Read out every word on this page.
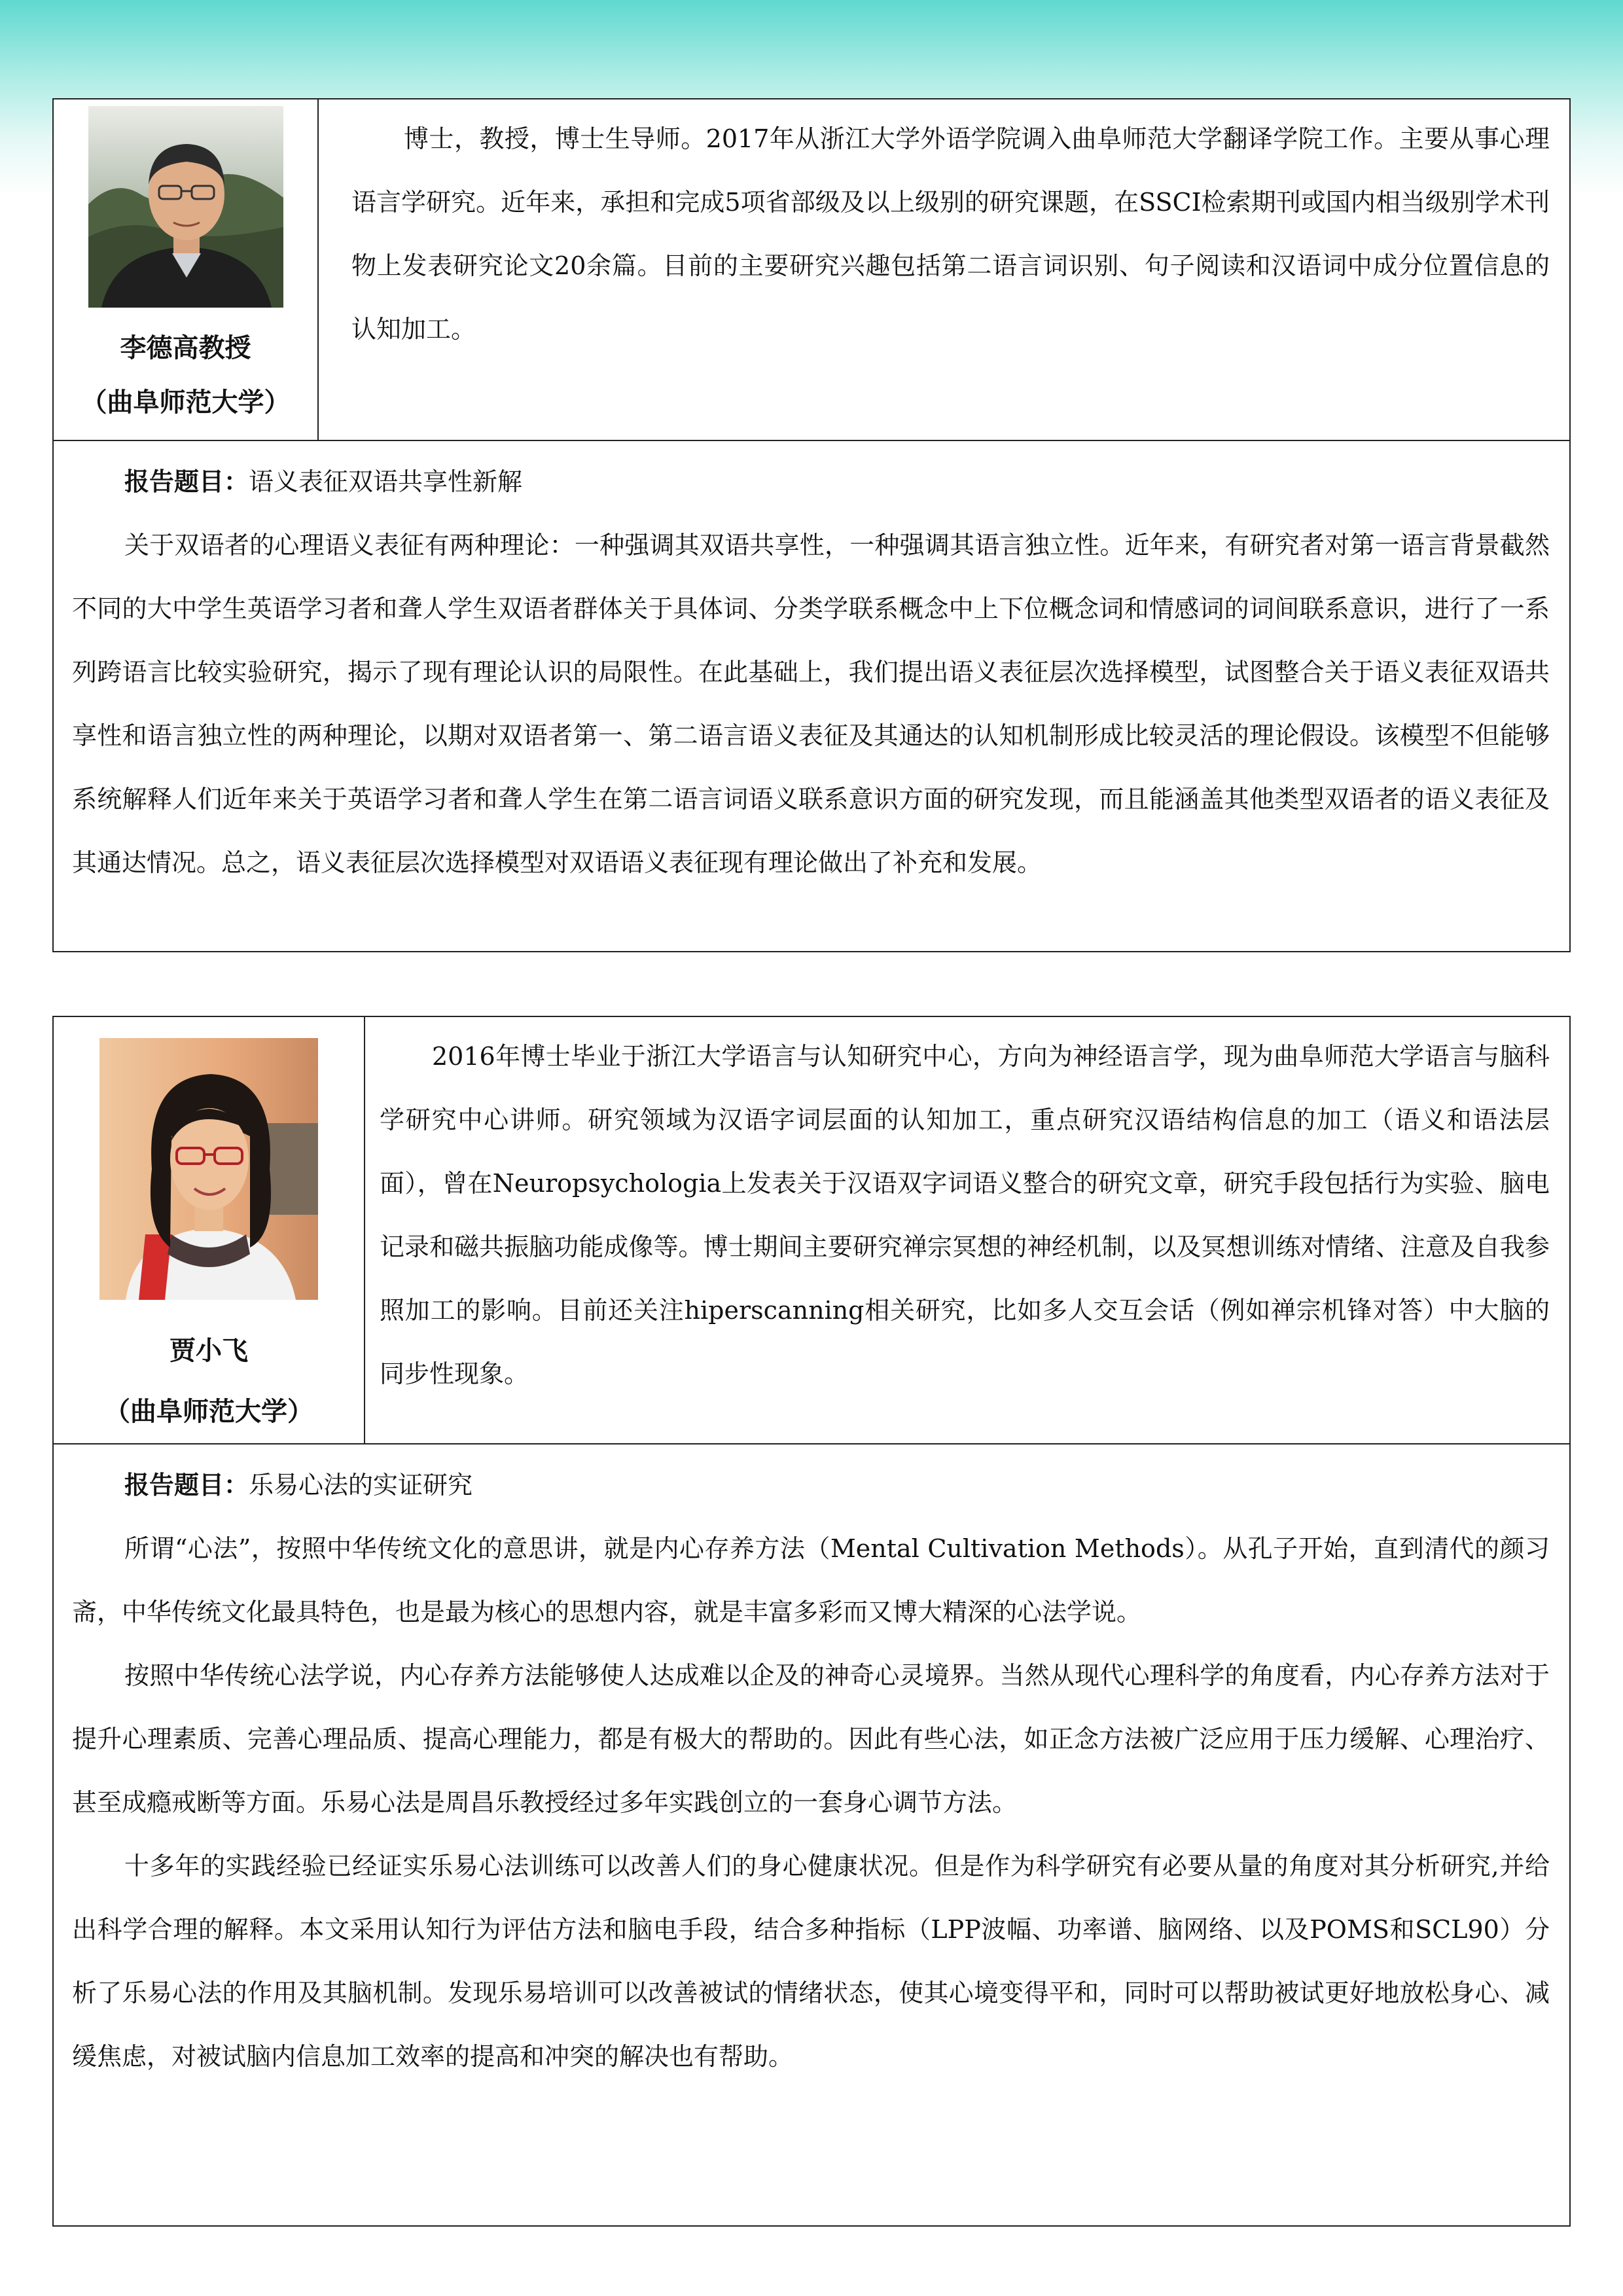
李德高教授
（曲阜师范大学）
博士，教授，博士生导师。2017年从浙江大学外语学院调入曲阜师范大学翻译学院工作。主要从事心理语言学研究。近年来，承担和完成5项省部级及以上级别的研究课题，在SSCI检索期刊或国内相当级别学术刊物上发表研究论文20余篇。目前的主要研究兴趣包括第二语言词识别、句子阅读和汉语词中成分位置信息的认知加工。

报告题目：语义表征双语共享性新解

关于双语者的心理语义表征有两种理论：一种强调其双语共享性，一种强调其语言独立性。近年来，有研究者对第一语言背景截然不同的大中学生英语学习者和聋人学生双语者群体关于具体词、分类学联系概念中上下位概念词和情感词的词间联系意识，进行了一系列跨语言比较实验研究，揭示了现有理论认识的局限性。在此基础上，我们提出语义表征层次选择模型，试图整合关于语义表征双语共享性和语言独立性的两种理论，以期对双语者第一、第二语言语义表征及其通达的认知机制形成比较灵活的理论假设。该模型不但能够系统解释人们近年来关于英语学习者和聋人学生在第二语言词语义联系意识方面的研究发现，而且能涵盖其他类型双语者的语义表征及其通达情况。总之，语义表征层次选择模型对双语语义表征现有理论做出了补充和发展。

贾小飞
（曲阜师范大学）
2016年博士毕业于浙江大学语言与认知研究中心，方向为神经语言学，现为曲阜师范大学语言与脑科学研究中心讲师。研究领域为汉语字词层面的认知加工，重点研究汉语结构信息的加工（语义和语法层面），曾在Neuropsychologia上发表关于汉语双字词语义整合的研究文章，研究手段包括行为实验、脑电记录和磁共振脑功能成像等。博士期间主要研究禅宗冥想的神经机制，以及冥想训练对情绪、注意及自我参照加工的影响。目前还关注hiperscanning相关研究，比如多人交互会话（例如禅宗机锋对答）中大脑的同步性现象。

报告题目：乐易心法的实证研究

所谓“心法”，按照中华传统文化的意思讲，就是内心存养方法（Mental Cultivation Methods）。从孔子开始，直到清代的颜习斋，中华传统文化最具特色，也是最为核心的思想内容，就是丰富多彩而又博大精深的心法学说。

按照中华传统心法学说，内心存养方法能够使人达成难以企及的神奇心灵境界。当然从现代心理科学的角度看，内心存养方法对于提升心理素质、完善心理品质、提高心理能力，都是有极大的帮助的。因此有些心法，如正念方法被广泛应用于压力缓解、心理治疗、甚至成瘾戒断等方面。乐易心法是周昌乐教授经过多年实践创立的一套身心调节方法。

十多年的实践经验已经证实乐易心法训练可以改善人们的身心健康状况。但是作为科学研究有必要从量的角度对其分析研究,并给出科学合理的解释。本文采用认知行为评估方法和脑电手段，结合多种指标（LPP波幅、功率谱、脑网络、以及POMS和SCL90）分析了乐易心法的作用及其脑机制。发现乐易培训可以改善被试的情绪状态，使其心境变得平和，同时可以帮助被试更好地放松身心、减缓焦虑，对被试脑内信息加工效率的提高和冲突的解决也有帮助。
